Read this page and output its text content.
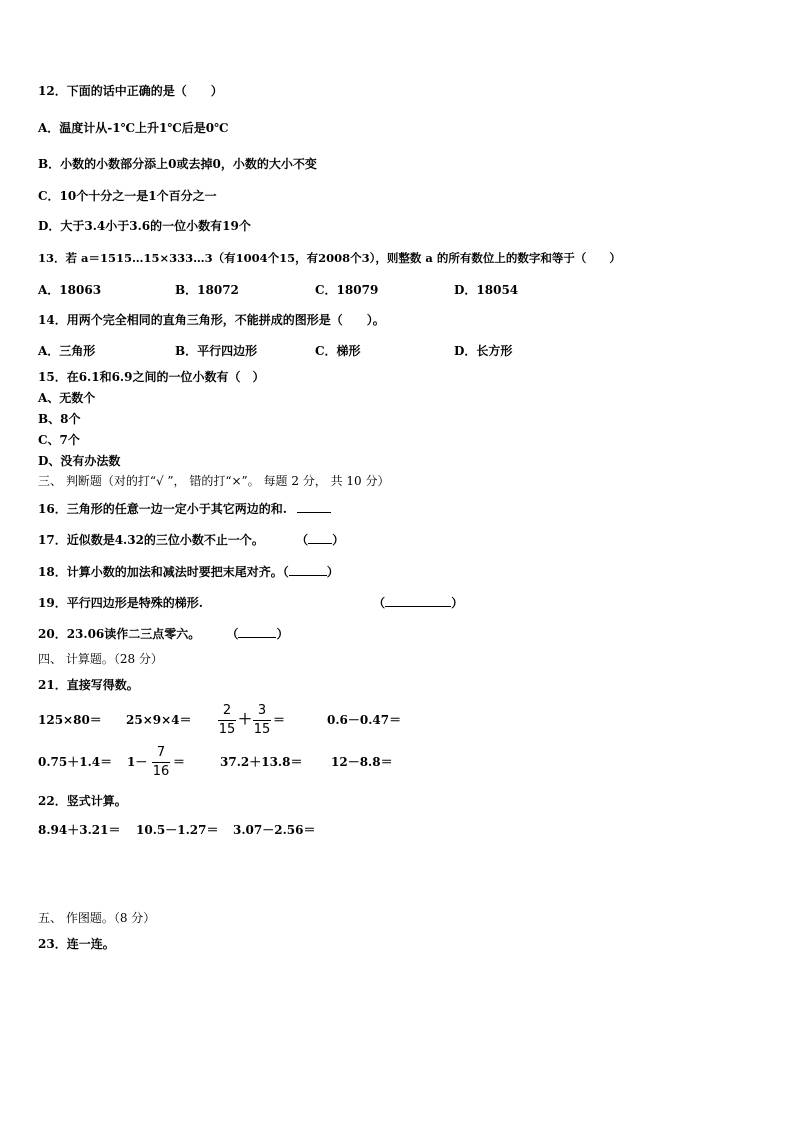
12．下面的话中正确的是（　　）
A．温度计从-1℃上升1℃后是0℃
B．小数的小数部分添上0或去掉0，小数的大小不变
C．10个十分之一是1个百分之一
D．大于3.4小于3.6的一位小数有19个
13．若 a＝1515…15×333…3（有1004个15，有2008个3），则整数 a 的所有数位上的数字和等于（　　）
A．18063	B．18072	C．18079	D．18054
14．用两个完全相同的直角三角形，不能拼成的图形是（　　）。
A．三角形	B．平行四边形	C．梯形	D．长方形
15．在6.1和6.9之间的一位小数有（　）
A、无数个
B、8个
C、7个
D、没有办法数
三、 判断题（对的打“√ ”， 错的打“×”。 每题 2 分， 共 10 分）
16．三角形的任意一边一定小于其它两边的和.
17．近似数是4.32的三位小数不止一个。	（ ）
18．计算小数的加法和减法时要把末尾对齐。（	）
19．平行四边形是特殊的梯形.	（	）
20．23.06读作二三点零六。 （	）
四、 计算题。（28 分）
21．直接写得数。
125×80＝ 25×9×4＝
2
15
＋
3
15
＝	0.6－0.47＝
0.75＋1.4＝ 1－
7
16
＝	37.2＋13.8＝ 12－8.8＝
22．竖式计算。
8.94＋3.21＝ 10.5－1.27＝ 3.07－2.56＝
五、 作图题。（8 分）
23．连一连。
